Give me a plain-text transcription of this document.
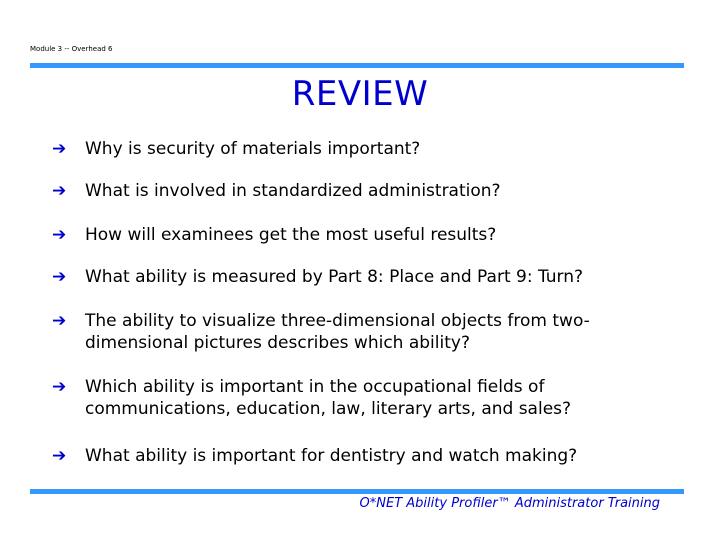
Module 3 -- Overhead 6
REVIEW
➔	Why is security of materials important?
➔	What is involved in standardized administration?
➔	How will examinees get the most useful results?
➔	What ability is measured by Part 8: Place and Part 9: Turn?
➔	The ability to visualize three-dimensional objects from two-dimensional pictures describes which ability?
➔	Which ability is important in the occupational fields of communications, education, law, literary arts, and sales?
➔	What ability is important for dentistry and watch making?
O*NET Ability Profiler™ Administrator Training
